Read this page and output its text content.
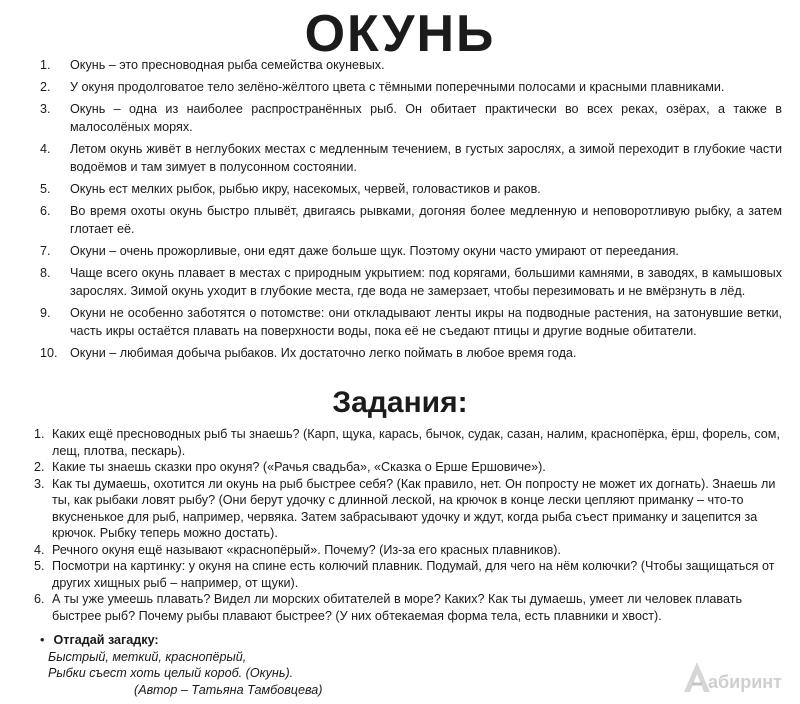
ОКУНЬ
1.	Окунь – это пресноводная рыба семейства окуневых.
2.	У окуня продолговатое тело зелёно-жёлтого цвета с тёмными поперечными полосами и красными плавниками.
3.	Окунь – одна из наиболее распространённых рыб. Он обитает практически во всех реках, озёрах, а также в малосолёных морях.
4.	Летом окунь живёт в неглубоких местах с медленным течением, в густых зарослях, а зимой переходит в глубокие части водоёмов и там зимует в полусонном состоянии.
5.	Окунь ест мелких рыбок, рыбью икру, насекомых, червей, головастиков и раков.
6.	Во время охоты окунь быстро плывёт, двигаясь рывками, догоняя более медленную и неповоротливую рыбку, а затем глотает её.
7.	Окуни – очень прожорливые, они едят даже больше щук. Поэтому окуни часто умирают от переедания.
8.	Чаще всего окунь плавает в местах с природным укрытием: под корягами, большими камнями, в заводях, в камышовых зарослях. Зимой окунь уходит в глубокие места, где вода не замерзает, чтобы перезимовать и не вмёрзнуть в лёд.
9.	Окуни не особенно заботятся о потомстве: они откладывают ленты икры на подводные растения, на затонувшие ветки, часть икры остаётся плавать на поверхности воды, пока её не съедают птицы и другие водные обитатели.
10. Окуни – любимая добыча рыбаков. Их достаточно легко поймать в любое время года.
Задания:
1. Каких ещё пресноводных рыб ты знаешь? (Карп, щука, карась, бычок, судак, сазан, налим, краснопёрка, ёрш, форель, сом, лещ, плотва, пескарь).
2. Какие ты знаешь сказки про окуня? («Рачья свадьба», «Сказка о Ерше Ершовиче»).
3. Как ты думаешь, охотится ли окунь на рыб быстрее себя? (Как правило, нет. Он попросту не может их догнать). Знаешь ли ты, как рыбаки ловят рыбу? (Они берут удочку с длинной леской, на крючок в конце лески цепляют приманку – что-то вкусненькое для рыб, например, червяка. Затем забрасывают удочку и ждут, когда рыба съест приманку и зацепится за крючок. Рыбку теперь можно достать).
4. Речного окуня ещё называют «краснопёрый». Почему? (Из-за его красных плавников).
5. Посмотри на картинку: у окуня на спине есть колючий плавник. Подумай, для чего на нём колючки? (Чтобы защищаться от других хищных рыб – например, от щуки).
6. А ты уже умеешь плавать? Видел ли морских обитателей в море? Каких? Как ты думаешь, умеет ли человек плавать быстрее рыб? Почему рыбы плавают быстрее? (У них обтекаемая форма тела, есть плавники и хвост).
• Отгадай загадку:
Быстрый, меткий, краснопёрый,
Рыбки съест хоть целый короб. (Окунь).
(Автор – Татьяна Тамбовцева)	абиринт
